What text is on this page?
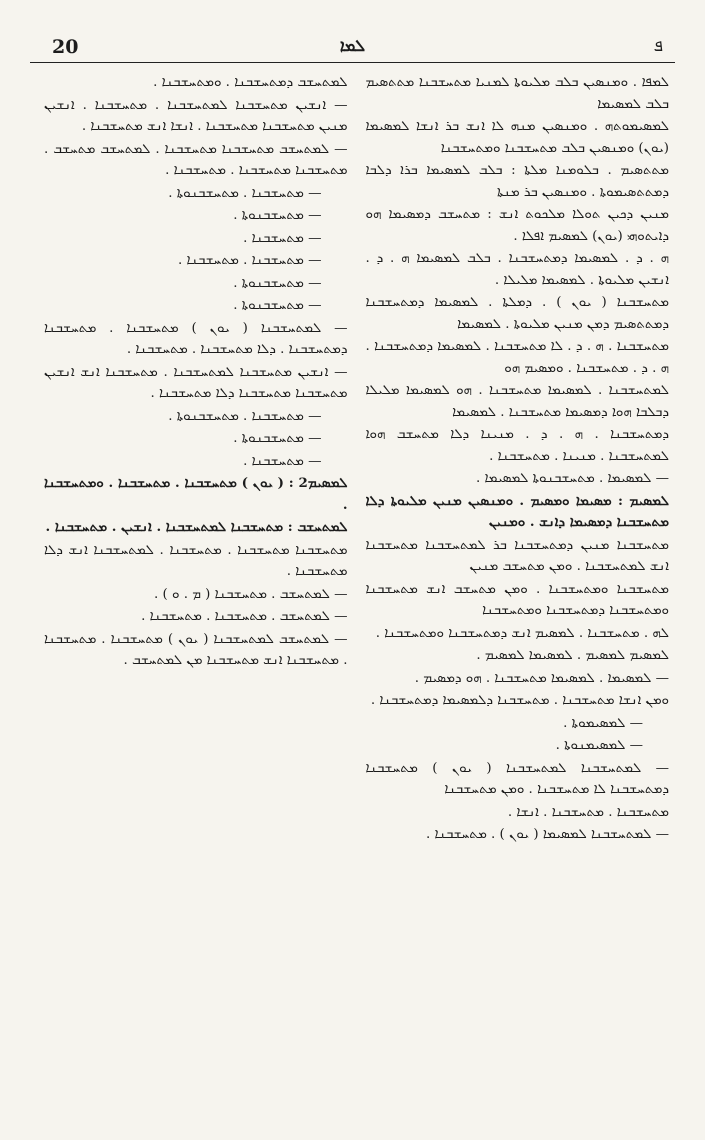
20	ܠܡܐ	ܦ

ܠܡܬܚܫܒ ܕܡܬܚܫܒܢܐ . ܘܡܬܚܫܒܢܐ .

— ܐܢܫܝܢ ܡܬܚܫܒܢܐ ܠܡܬܚܫܒܢܐ . ܡܬܚܫܒܢܐ . ܐܢܫܝܢ ܡܢܝܢ ܡܬܚܫܒܢܐ ܡܬܚܫܒܢܐ . ܐܢܫܐ ܐܢܫ ܡܬܚܫܒܢܐ .

— ܠܡܬܚܫܒ ܡܬܚܫܒܢܐ ܡܬܚܫܒܢܐ . ܠܡܬܚܫܒ ܡܬܚܫܒ . ܡܬܚܫܒܢܐ ܡܬܚܫܒܢܐ . ܡܬܚܫܒܢܐ .

— ܡܬܚܫܒܢܐ . ܡܬܚܫܒܢܘܬܐ .

— ܡܬܚܫܒܢܘܬܐ .

— ܡܬܚܫܒܢܐ .

— ܡܬܚܫܒܢܐ . ܡܬܚܫܒܢܐ .

— ܡܬܚܫܒܢܘܬܐ .

— ܡܬܚܫܒܢܘܬܐ .

— ܠܡܬܚܫܒܢܐ ( ܝܘܢ ) ܡܬܚܫܒܢܐ . ܡܬܚܫܒܢܐ ܕܡܬܚܫܒܢܐ . ܕܠܐ ܡܬܚܫܒܢܐ . ܡܬܚܫܒܢܐ .

— ܐܢܫܝܢ ܡܬܚܫܒܢܐ ܠܡܬܚܫܒܢܐ . ܡܬܚܫܒܢܐ ܐܢܫ ܐܢܫܝܢ ܡܬܚܫܒܢܐ ܡܬܚܫܒܢܐ ܕܠܐ ܡܬܚܫܒܢܐ .

— ܡܬܚܫܒܢܐ . ܡܬܚܫܒܢܘܬܐ .

— ܡܬܚܫܒܢܘܬܐ .

— ܡܬܚܫܒܢܐ .

ܠܡܣܝܡ2 : ( ܝܘܢ ) ܡܬܚܫܒܢܐ . ܡܬܚܫܒܢܐ . ܘܡܬܚܫܒܢܐ .

ܠܡܬܚܫܒ : ܡܬܚܫܒܢܐ ܠܡܬܚܫܒܢܐ . ܐܢܫܝܢ . ܡܬܚܫܒܢܐ .

ܡܬܚܫܒܢܐ ܡܬܚܫܒܢܐ . ܡܬܚܫܒܢܐ . ܠܡܬܚܫܒܢܐ ܐܢܫ ܕܠܐ ܡܬܚܫܒܢܐ .

— ܠܡܬܚܫܒ . ܡܬܚܫܒܢܐ ( ܡ . ܘ ) .

— ܠܡܬܚܫܒ . ܡܬܚܫܒܢܐ . ܡܬܚܫܒܢܐ .

— ܠܡܬܚܫܒ ܠܡܬܚܫܒܢܐ ( ܝܘܢ ) ܡܬܚܫܒܢܐ . ܡܬܚܫܒܢܐ . ܡܬܚܫܒܢܐ ܐܢܫ ܡܬܚܫܒܢܐ ܡܢ ܠܡܬܚܫܒ .

ܠܡܦܐ . ܘܡܢܣܝܢ ܒܠܒ ܡܠܝܘܬܐ ܠܡܢܝܐ ܡܬܚܫܒܢܐ ܡܬܬܣܝܡ ܒܠܒ ܠܡܣܝܡܐ

ܠܡܣܝܡܘܬܗ . ܘܡܢܣܝܢ ܡܢܗ ܠܐ ܐܢܫ ܒܪ ܐܢܫܐ ܠܡܣܝܡܐ (ܝܘܢ) ܘܡܢܣܝܢ ܒܠܒ ܡܬܚܫܒܢܐ ܘܡܬܚܫܒܢܐ

ܡܬܬܣܝܡ . ܒܠܘܡܢܐ ܡܠܬܐ : ܒܠܒ ܠܡܣܝܡܐ ܒܪܐ ܕܠܒܐ ܕܡܬܬܣܝܡܘܬܐ . ܘܡܢܣܝܢ ܒܪ ܡܢܬܐ

ܡܢܝܢ ܕܟܝܢ ܬܘܠܐ ܡܠܟܘܬ ܐܢܫ : ܡܬܚܫܒ ܕܡܣܝܡܐ ܗܘ ܕܐܝܬܘܗܝ (ܝܘܢ) ܠܡܣܝܡ ܐܦܠܐ .

ܗ . ܕ . ܠܡܣܝܡܐ ܕܡܬܚܫܒܢܐ . ܒܠܒ ܠܡܣܝܡܐ ܗ . ܕ . ܐܢܫܝܢ ܡܠܝܘܬܐ . ܠܡܣܝܡܐ ܡܠܝܠܐ .

ܡܬܚܫܒܢܐ ( ܝܘܢ ) . ܕܡܠܬܐ . ܠܡܣܝܡܐ ܕܡܬܚܫܒܢܐ ܕܡܬܬܣܝܡ ܕܡܢ ܡܢܝܢ ܡܠܝܘܬܐ . ܠܡܣܝܡܐ

ܡܬܚܫܒܢܐ . ܗ . ܕ . ܠܐ ܡܬܚܫܒܢܐ . ܠܡܣܝܡܐ ܕܡܬܚܫܒܢܐ . ܗ . ܕ . ܡܬܚܫܒܢܐ . ܘܡܣܝܡ ܗܘ

ܠܡܬܚܫܒܢܐ . ܠܡܣܝܡܐ ܡܬܚܫܒܢܐ . ܗܘ ܠܡܣܝܡܐ ܡܠܝܠܐ ܕܒܠܒܐ ܗܘܐ ܕܡܣܝܡܐ ܡܬܚܫܒܢܐ . ܠܡܣܝܡܐ

ܕܡܬܚܫܒܢܐ . ܗ . ܕ . ܡܢܝܢܐ ܕܠܐ ܡܬܚܫܒ ܗܘܐ ܠܡܬܚܫܒܢܐ . ܡܢܝܢܐ . ܡܬܚܫܒܢܐ .

— ܠܡܣܝܡܐ . ܡܬܚܫܒܢܘܬܐ ܠܡܣܝܡܐ .

ܠܡܣܝܡ : ܡܣܝܡܐ ܘܡܣܝܡ . ܘܡܢܣܝܢ ܡܢܝܢ ܡܠܝܘܬܐ ܕܠܐ ܡܬܚܫܒܢܐ ܕܡܣܝܡܐ ܕܐܢܫ . ܘܡܢܝܢ

ܡܬܚܫܒܢܐ ܡܢܝܢ ܕܡܬܚܫܒܢܐ ܒܪ ܠܡܬܚܫܒܢܐ ܡܬܚܫܒܢܐ ܐܢܫ ܠܡܬܚܫܒܢܐ . ܘܡܢ ܡܬܚܫܒ ܡܢܝܢ

ܡܬܚܫܒܢܐ ܘܡܬܚܫܒܢܐ . ܘܡܢ ܡܬܚܫܒ ܐܢܫ ܡܬܚܫܒܢܐ ܘܡܬܚܫܒܢܐ ܕܡܬܚܫܒܢܐ ܘܡܬܚܫܒܢܐ

ܠܗ . ܡܬܚܫܒܢܐ . ܠܡܣܝܡ ܐܢܫ ܕܡܬܚܫܒܢܐ ܘܡܬܚܫܒܢܐ .

ܠܡܣܝܡ ܠܡܣܝܡ . ܠܡܣܝܡܐ ܠܡܣܝܡ .

— ܠܡܣܝܡܐ . ܠܡܣܝܡܐ ܡܬܚܫܒܢܐ . ܗܘ ܕܡܣܝܡ .

ܘܡܢ ܐܢܫܐ ܡܬܚܫܒܢܐ . ܡܬܚܫܒܢܐ ܕܠܡܣܝܡܐ ܕܡܬܚܫܒܢܐ .

— ܠܡܣܝܡܘܬܐ .

— ܠܡܣܝܡܢܘܬܐ .

— ܠܡܬܚܫܒܢܐ ܠܡܬܚܫܒܢܐ ( ܝܘܢ ) ܡܬܚܫܒܢܐ ܕܡܬܚܫܒܢܐ ܠܐ ܡܬܚܫܒܢܐ . ܘܡܢ ܡܬܚܫܒܢܐ

ܡܬܚܫܒܢܐ . ܡܬܚܫܒܢܐ . ܐܢܫܐ .

— ܠܡܬܚܫܒܢܐ ܠܡܣܝܡܐ ( ܝܘܢ ) . ܡܬܚܫܒܢܐ .
